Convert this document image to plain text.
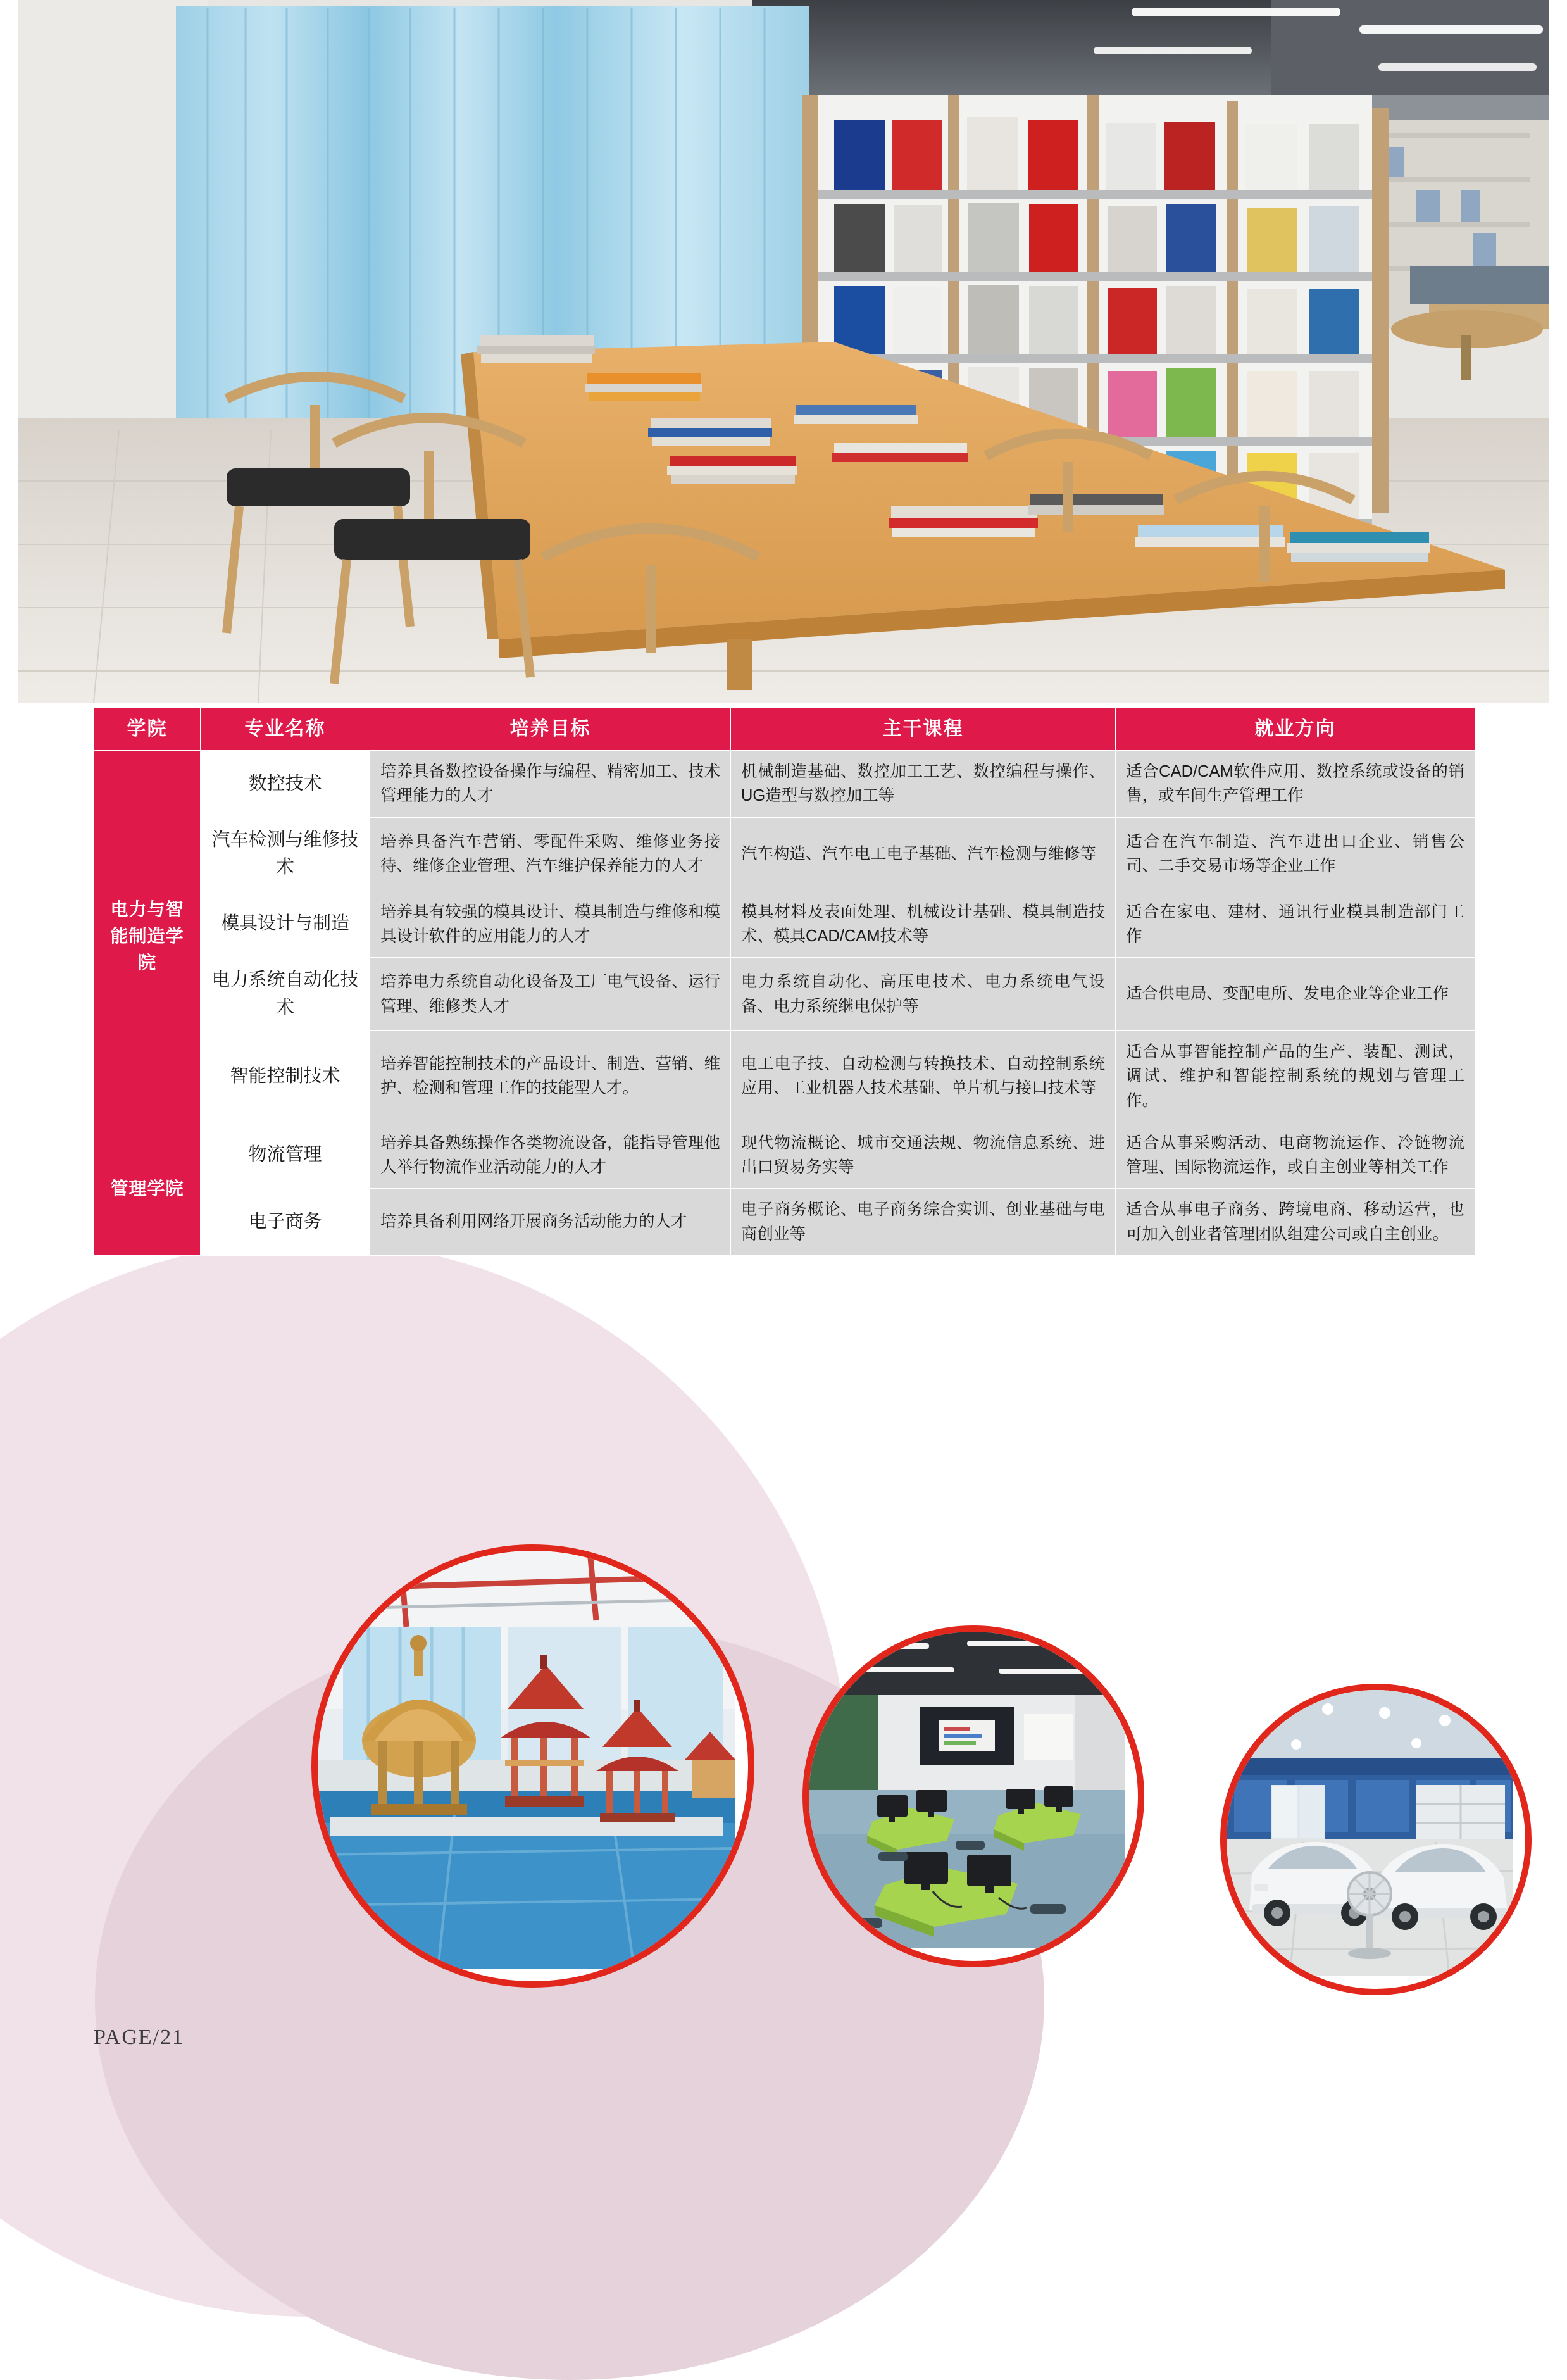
学院	专业名称	培养目标	主干课程	就业方向
电力与智能制造学院	数控技术	培养具备数控设备操作与编程、精密加工、技术管理能力的人才	机械制造基础、数控加工工艺、数控编程与操作、UG造型与数控加工等	适合CAD/CAM软件应用、数控系统或设备的销售，或车间生产管理工作
	汽车检测与维修技术	培养具备汽车营销、零配件采购、维修业务接待、维修企业管理、汽车维护保养能力的人才	汽车构造、汽车电工电子基础、汽车检测与维修等	适合在汽车制造、汽车进出口企业、销售公司、二手交易市场等企业工作
	模具设计与制造	培养具有较强的模具设计、模具制造与维修和模具设计软件的应用能力的人才	模具材料及表面处理、机械设计基础、模具制造技术、模具CAD/CAM技术等	适合在家电、建材、通讯行业模具制造部门工作
	电力系统自动化技术	培养电力系统自动化设备及工厂电气设备、运行管理、维修类人才	电力系统自动化、高压电技术、电力系统电气设备、电力系统继电保护等	适合供电局、变配电所、发电企业等企业工作
	智能控制技术	培养智能控制技术的产品设计、制造、营销、维护、检测和管理工作的技能型人才。	电工电子技、自动检测与转换技术、自动控制系统应用、工业机器人技术基础、单片机与接口技术等	适合从事智能控制产品的生产、装配、测试，调试、维护和智能控制系统的规划与管理工作。
管理学院	物流管理	培养具备熟练操作各类物流设备，能指导管理他人举行物流作业活动能力的人才	现代物流概论、城市交通法规、物流信息系统、进出口贸易务实等	适合从事采购活动、电商物流运作、冷链物流管理、国际物流运作，或自主创业等相关工作
	电子商务	培养具备利用网络开展商务活动能力的人才	电子商务概论、电子商务综合实训、创业基础与电商创业等	适合从事电子商务、跨境电商、移动运营，也可加入创业者管理团队组建公司或自主创业。
PAGE/21
